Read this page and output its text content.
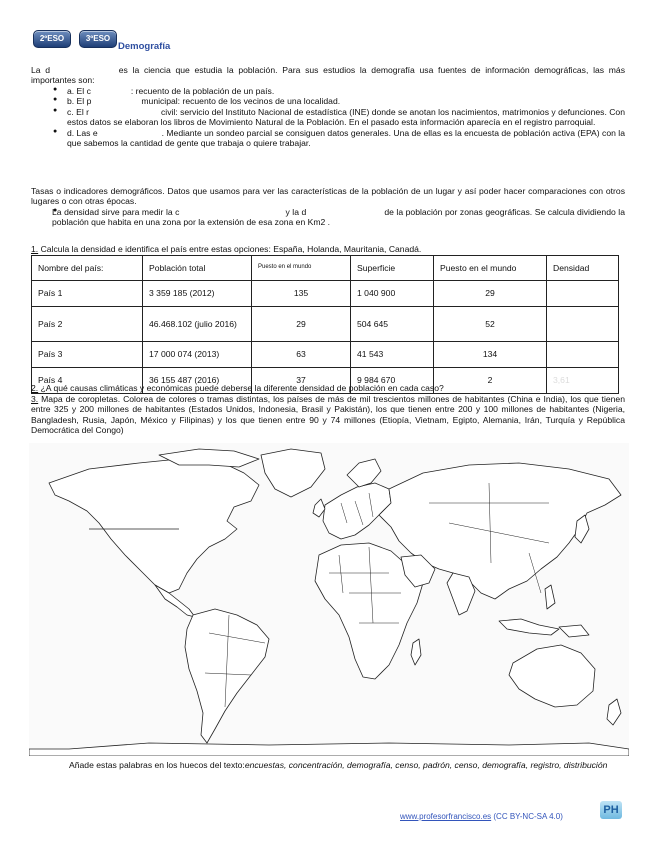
2ºESO	3ºESO
Demografía
La d	es la ciencia que estudia la población. Para sus estudios la demografía usa fuentes de información demográficas, las más importantes son:
● a. El c	: recuento de la población de un país.
● b. El p	municipal: recuento de los vecinos de una localidad.
● c. El r	civil: servicio del Instituto Nacional de estadística (INE) donde se anotan los nacimientos, matrimonios y defunciones. Con estos datos se elaboran los libros de Movimiento Natural de la Población. En el pasado esta información aparecía en el registro parroquial.
● d. Las e	. Mediante un sondeo parcial se consiguen datos generales. Una de ellas es la encuesta de población activa (EPA) con la que sabemos la cantidad de gente que trabaja o quiere trabajar.
Tasas o indicadores demográficos. Datos que usamos para ver las características de la población de un lugar y así poder hacer comparaciones con otros lugares o con otras épocas.
● La densidad sirve para medir la c	y la d	de la población por zonas geográficas. Se calcula dividiendo la población que habita en una zona por la extensión de esa zona en Km2 .
1. Calcula la densidad e identifica el país entre estas opciones: España, Holanda, Mauritania, Canadá.
Nombre del país:	Población total	Puesto en el mundo	Superficie	Puesto en el mundo	Densidad
País 1	3 359 185 (2012)	135	1 040 900	29	
País 2	46.468.102 (julio 2016)	29	504 645	52	
País 3	17 000 074 (2013)	63	41 543	134	
País 4	36 155 487 (2016)	37	9 984 670	2	3,61
2. ¿A qué causas climáticas y económicas puede deberse la diferente densidad de población en cada caso?
3. Mapa de coropletas. Colorea de colores o tramas distintas, los países de más de mil trescientos millones de habitantes (China e India), los que tienen entre 325 y 200 millones de habitantes (Estados Unidos, Indonesia, Brasil y Pakistán), los que tienen entre 200 y 100 millones de habitantes (Nigeria, Bangladesh, Rusia, Japón, México y Filipinas) y los que tienen entre 90 y 74 millones (Etiopía, Vietnam, Egipto, Alemania, Irán, Turquía y República Democrática del Congo)
Añade estas palabras en los huecos del texto:encuestas, concentración, demografía, censo, padrón, censo, demografía, registro, distribución
www.profesorfrancisco.es (CC BY-NC-SA 4.0)
PH
